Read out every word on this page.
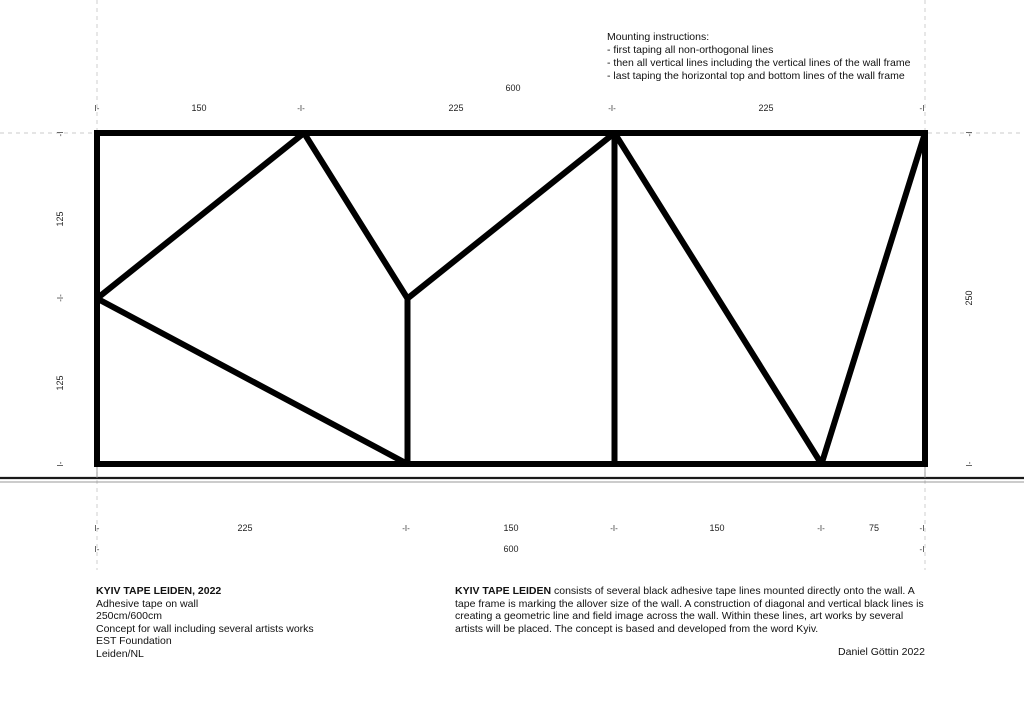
600
I-	-I-	-I-	-I
150	225	225
-I
125
-I-
125
I-
-I
250
I-
I-	-I-	-I-	-I-	-I
225	150	150	75
I-	600	-I
Mounting instructions:
- first taping all non-orthogonal lines
- then all vertical lines including the vertical lines of the wall frame
- last taping the horizontal top and bottom lines of the wall frame
KYIV TAPE LEIDEN, 2022
Adhesive tape on wall
250cm/600cm
Concept for wall including several artists works
EST Foundation
Leiden/NL
KYIV TAPE LEIDEN consists of several black adhesive tape lines mounted directly onto the wall. A tape frame is marking the allover size of the wall. A construction of diagonal and vertical black lines is creating a geometric line and field image across the wall. Within these lines, art works by several artists will be placed. The concept is based and developed from the word Kyiv.
Daniel Göttin 2022
